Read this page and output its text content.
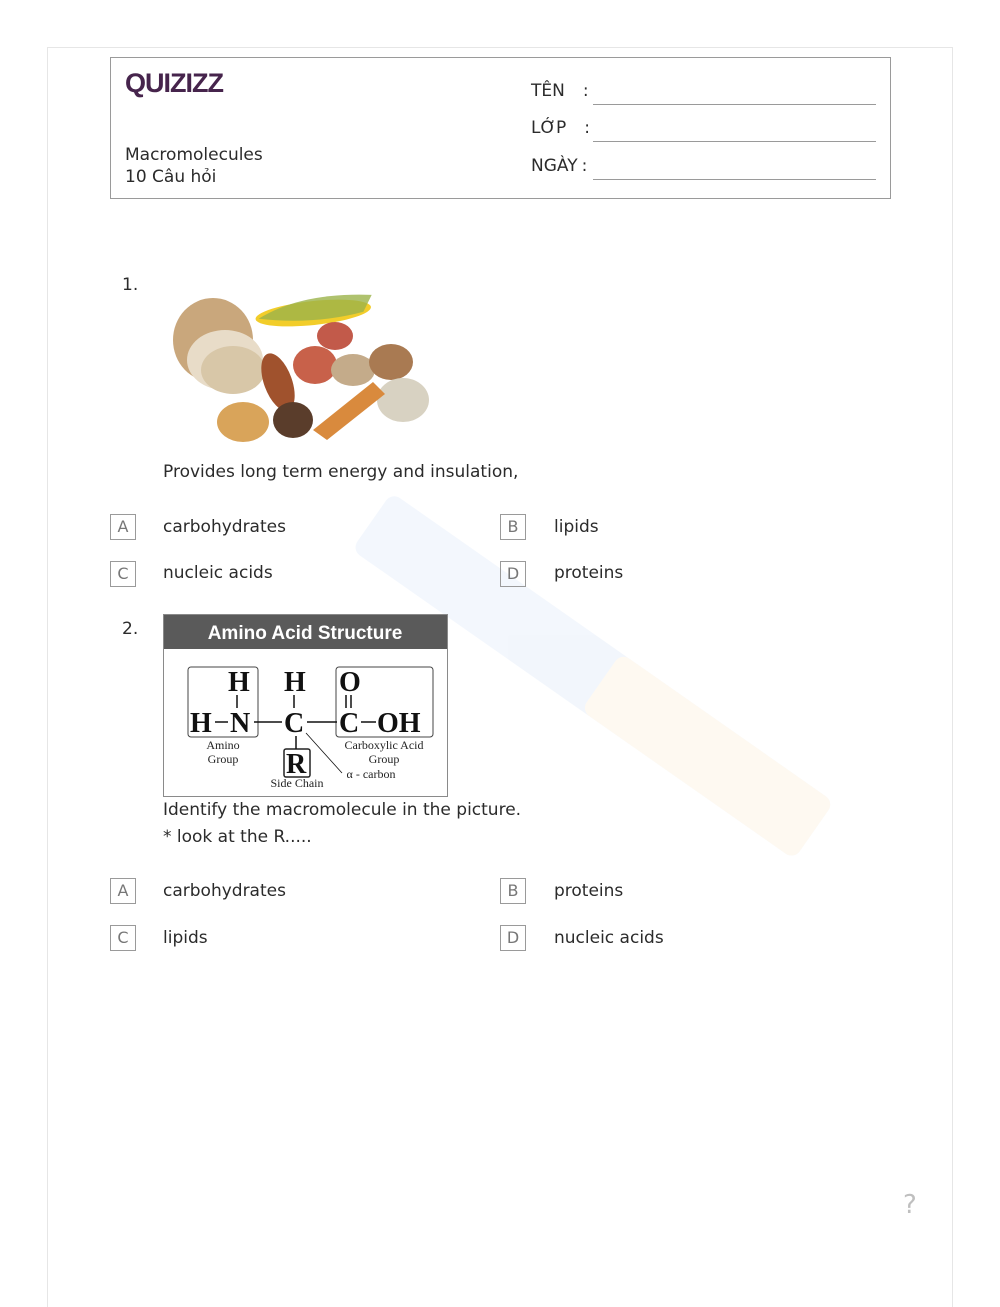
QUIZIZZ
Macromolecules
10 Câu hỏi
TÊN :
LỚP :
NGÀY :
1.
Provides long term energy and insulation,
A	carbohydrates	B	lipids
C	nucleic acids	D	proteins
2.	Amino Acid Structure
H H O
H N C C OH
R
Amino
Group
Carboxylic Acid
Group
α - carbon
Side Chain
Identify the macromolecule in the picture.
* look at the R.....
A	carbohydrates	B	proteins
C	lipids	D	nucleic acids
?
